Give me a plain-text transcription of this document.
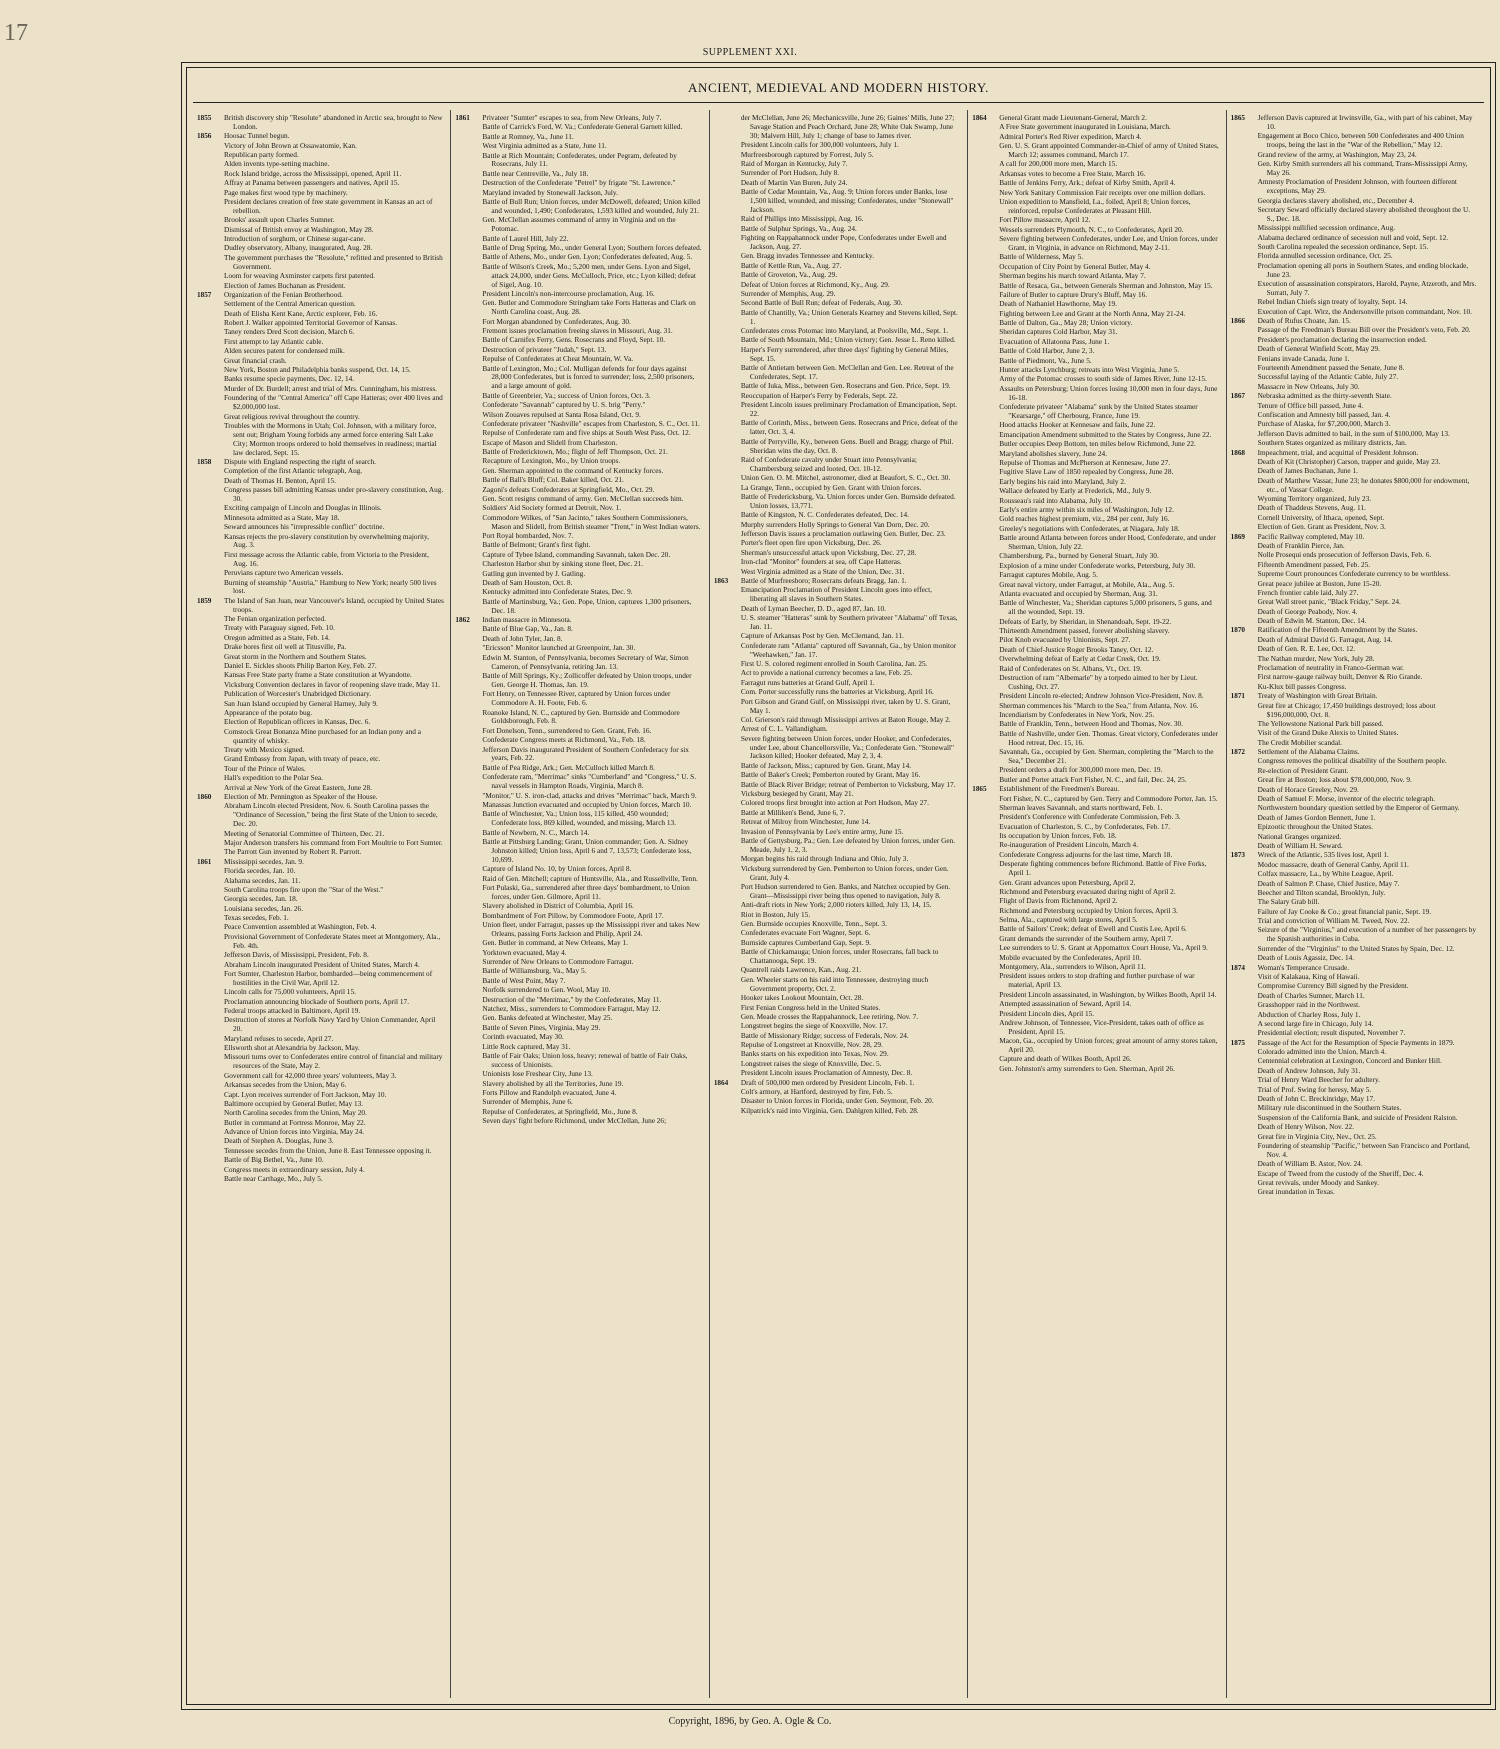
17
SUPPLEMENT XXI.
ANCIENT, MEDIEVAL AND MODERN HISTORY.
1855	British discovery ship "Resolute" abandoned in Arctic sea, brought to New London.
1856	Hoosac Tunnel begun.
Victory of John Brown at Ossawatomie, Kan.
Republican party formed.
Alden invents type-setting machine.
Rock Island bridge, across the Mississippi, opened, April 11.
Affray at Panama between passengers and natives, April 15.
Page makes first wood type by machinery.
President declares creation of free state government in Kansas an act of rebellion.
Brooks' assault upon Charles Sumner.
Dismissal of British envoy at Washington, May 28.
Introduction of sorghum, or Chinese sugar-cane.
Dudley observatory, Albany, inaugurated, Aug. 28.
The government purchases the "Resolute," refitted and presented to British Government.
Loom for weaving Axminster carpets first patented.
Election of James Buchanan as President.
1857	Organization of the Fenian Brotherhood.
Settlement of the Central American question.
Death of Elisha Kent Kane, Arctic explorer, Feb. 16.
Robert J. Walker appointed Territorial Governor of Kansas.
Taney renders Dred Scott decision, March 6.
First attempt to lay Atlantic cable.
Alden secures patent for condensed milk.
Great financial crash.
New York, Boston and Philadelphia banks suspend, Oct. 14, 15.
Banks resume specie payments, Dec. 12, 14.
Murder of Dr. Burdell; arrest and trial of Mrs. Cunningham, his mistress.
Foundering of the "Central America" off Cape Hatteras; over 400 lives and $2,000,000 lost.
Great religious revival throughout the country.
Troubles with the Mormons in Utah; Col. Johnson, with a military force, sent out; Brigham Young forbids any armed force entering Salt Lake City; Mormon troops ordered to hold themselves in readiness; martial law declared, Sept. 15.
1858	Dispute with England respecting the right of search.
Completion of the first Atlantic telegraph, Aug.
Death of Thomas H. Benton, April 15.
Congress passes bill admitting Kansas under pro-slavery constitution, Aug. 30.
Exciting campaign of Lincoln and Douglas in Illinois.
Minnesota admitted as a State, May 18.
Seward announces his "irrepressible conflict" doctrine.
Kansas rejects the pro-slavery constitution by overwhelming majority, Aug. 3.
First message across the Atlantic cable, from Victoria to the President, Aug. 16.
Peruvians capture two American vessels.
Burning of steamship "Austria," Hamburg to New York; nearly 500 lives lost.
1859	The Island of San Juan, near Vancouver's Island, occupied by United States troops.
The Fenian organization perfected.
Treaty with Paraguay signed, Feb. 10.
Oregon admitted as a State, Feb. 14.
Drake bores first oil well at Titusville, Pa.
Great storm in the Northern and Southern States.
Daniel E. Sickles shoots Philip Barton Key, Feb. 27.
Kansas Free State party frame a State constitution at Wyandotte.
Vicksburg Convention declares in favor of reopening slave trade, May 11.
Publication of Worcester's Unabridged Dictionary.
San Juan Island occupied by General Harney, July 9.
Appearance of the potato bug.
Election of Republican officers in Kansas, Dec. 6.
Comstock Great Bonanza Mine purchased for an Indian pony and a quantity of whisky.
Treaty with Mexico signed.
Grand Embassy from Japan, with treaty of peace, etc.
Tour of the Prince of Wales.
Hall's expedition to the Polar Sea.
Arrival at New York of the Great Eastern, June 28.
1860	Election of Mr. Pennington as Speaker of the House.
Abraham Lincoln elected President, Nov. 6. South Carolina passes the "Ordinance of Secession," being the first State of the Union to secede, Dec. 20.
Meeting of Senatorial Committee of Thirteen, Dec. 21.
Major Anderson transfers his command from Fort Moultrie to Fort Sumter.
The Parrott Gun invented by Robert R. Parrott.
1861	Mississippi secedes, Jan. 9.
Florida secedes, Jan. 10.
Alabama secedes, Jan. 11.
South Carolina troops fire upon the "Star of the West."
Georgia secedes, Jan. 18.
Louisiana secedes, Jan. 26.
Texas secedes, Feb. 1.
Peace Convention assembled at Washington, Feb. 4.
Provisional Government of Confederate States meet at Montgomery, Ala., Feb. 4th.
Jefferson Davis, of Mississippi, President, Feb. 8.
Abraham Lincoln inaugurated President of United States, March 4.
Fort Sumter, Charleston Harbor, bombarded—being commencement of hostilities in the Civil War, April 12.
Lincoln calls for 75,000 volunteers, April 15.
Proclamation announcing blockade of Southern ports, April 17.
Federal troops attacked in Baltimore, April 19.
Destruction of stores at Norfolk Navy Yard by Union Commander, April 20.
Maryland refuses to secede, April 27.
Ellsworth shot at Alexandria by Jackson, May.
Missouri turns over to Confederates entire control of financial and military resources of the State, May 2.
Government call for 42,000 three years' volunteers, May 3.
Arkansas secedes from the Union, May 6.
Capt. Lyon receives surrender of Fort Jackson, May 10.
Baltimore occupied by General Butler, May 13.
North Carolina secedes from the Union, May 20.
Butler in command at Fortress Monroe, May 22.
Advance of Union forces into Virginia, May 24.
Death of Stephen A. Douglas, June 3.
Tennessee secedes from the Union, June 8. East Tennessee opposing it.
Battle of Big Bethel, Va., June 10.
Congress meets in extraordinary session, July 4.
Battle near Carthage, Mo., July 5.
1861	Privateer "Sumter" escapes to sea, from New Orleans, July 7.
Battle of Carrick's Ford, W. Va.; Confederate General Garnett killed.
Battle at Romney, Va., June 11.
West Virginia admitted as a State, June 11.
Battle at Rich Mountain; Confederates, under Pegram, defeated by Rosecrans, July 11.
Battle near Centreville, Va., July 18.
Destruction of the Confederate "Petrel" by frigate "St. Lawrence."
Maryland invaded by Stonewall Jackson, July.
Battle of Bull Run; Union forces, under McDowell, defeated; Union killed and wounded, 1,490; Confederates, 1,593 killed and wounded, July 21.
Gen. McClellan assumes command of army in Virginia and on the Potomac.
Battle of Laurel Hill, July 22.
Battle of Drug Spring, Mo., under General Lyon; Southern forces defeated.
Battle of Athens, Mo., under Gen. Lyon; Confederates defeated, Aug. 5.
Battle of Wilson's Creek, Mo.; 5,200 men, under Gens. Lyon and Sigel, attack 24,000, under Gens. McCulloch, Price, etc.; Lyon killed; defeat of Sigel, Aug. 10.
President Lincoln's non-intercourse proclamation, Aug. 16.
Gen. Butler and Commodore Stringham take Forts Hatteras and Clark on North Carolina coast, Aug. 28.
Fort Morgan abandoned by Confederates, Aug. 30.
Fremont issues proclamation freeing slaves in Missouri, Aug. 31.
Battle of Carnifex Ferry, Gens. Rosecrans and Floyd, Sept. 10.
Destruction of privateer "Judah," Sept. 13.
Repulse of Confederates at Cheat Mountain, W. Va.
Battle of Lexington, Mo.; Col. Mulligan defends for four days against 28,000 Confederates, but is forced to surrender; loss, 2,500 prisoners, and a large amount of gold.
Battle of Greenbrier, Va.; success of Union forces, Oct. 3.
Confederate "Savannah" captured by U. S. brig "Perry."
Wilson Zouaves repulsed at Santa Rosa Island, Oct. 9.
Confederate privateer "Nashville" escapes from Charleston, S. C., Oct. 11.
Repulse of Confederate ram and five ships at South West Pass, Oct. 12.
Escape of Mason and Slidell from Charleston.
Battle of Fredericktown, Mo.; flight of Jeff Thompson, Oct. 21.
Recapture of Lexington, Mo., by Union troops.
Gen. Sherman appointed to the command of Kentucky forces.
Battle of Ball's Bluff; Col. Baker killed, Oct. 21.
Zagoni's defeats Confederates at Springfield, Mo., Oct. 29.
Gen. Scott resigns command of army. Gen. McClellan succeeds him.
Soldiers' Aid Society formed at Detroit, Nov. 1.
Commodore Wilkes, of "San Jacinto," takes Southern Commissioners, Mason and Slidell, from British steamer "Trent," in West Indian waters.
Port Royal bombarded, Nov. 7.
Battle of Belmont; Grant's first fight.
Capture of Tybee Island, commanding Savannah, taken Dec. 20.
Charleston Harbor shut by sinking stone fleet, Dec. 21.
Gatling gun invented by J. Gatling.
Death of Sam Houston, Oct. 8.
Kentucky admitted into Confederate States, Dec. 9.
Battle of Martinsburg, Va.; Gen. Pope, Union, captures 1,300 prisoners, Dec. 18.
1862	Indian massacre in Minnesota.
Battle of Blue Gap, Va., Jan. 8.
Death of John Tyler, Jan. 8.
"Ericsson" Monitor launched at Greenpoint, Jan. 30.
Edwin M. Stanton, of Pennsylvania, becomes Secretary of War, Simon Cameron, of Pennsylvania, retiring Jan. 13.
Battle of Mill Springs, Ky.; Zollicoffer defeated by Union troops, under Gen. George H. Thomas, Jan. 19.
Fort Henry, on Tennessee River, captured by Union forces under Commodore A. H. Foote, Feb. 6.
Roanoke Island, N. C., captured by Gen. Burnside and Commodore Goldsborough, Feb. 8.
Fort Donelson, Tenn., surrendered to Gen. Grant, Feb. 16.
Confederate Congress meets at Richmond, Va., Feb. 18.
Jefferson Davis inaugurated President of Southern Confederacy for six years, Feb. 22.
Battle of Pea Ridge, Ark.; Gen. McCulloch killed March 8.
Confederate ram, "Merrimac" sinks "Cumberland" and "Congress," U. S. naval vessels in Hampton Roads, Virginia, March 8.
"Monitor," U. S. iron-clad, attacks and drives "Merrimac" back, March 9.
Manassas Junction evacuated and occupied by Union forces, March 10.
Battle of Winchester, Va.; Union loss, 115 killed, 450 wounded; Confederate loss, 869 killed, wounded, and missing, March 13.
Battle of Newbern, N. C., March 14.
Battle at Pittsburg Landing; Grant, Union commander; Gen. A. Sidney Johnston killed; Union loss, April 6 and 7, 13,573; Confederate loss, 10,699.
Capture of Island No. 10, by Union forces, April 8.
Raid of Gen. Mitchell; capture of Huntsville, Ala., and Russellville, Tenn.
Fort Pulaski, Ga., surrendered after three days' bombardment, to Union forces, under Gen. Gilmore, April 11.
Slavery abolished in District of Columbia, April 16.
Bombardment of Fort Pillow, by Commodore Foote, April 17.
Union fleet, under Farragut, passes up the Mississippi river and takes New Orleans, passing Forts Jackson and Philip, April 24.
Gen. Butler in command, at New Orleans, May 1.
Yorktown evacuated, May 4.
Surrender of New Orleans to Commodore Farragut.
Battle of Williamsburg, Va., May 5.
Battle of West Point, May 7.
Norfolk surrendered to Gen. Wool, May 10.
Destruction of the "Merrimac," by the Confederates, May 11.
Natchez, Miss., surrenders to Commodore Farragut, May 12.
Gen. Banks defeated at Winchester, May 25.
Battle of Seven Pines, Virginia, May 29.
Corinth evacuated, May 30.
Little Rock captured, May 31.
Battle of Fair Oaks; Union loss, heavy; renewal of battle of Fair Oaks, success of Unionists.
Unionists lose Freshear City, June 13.
Slavery abolished by all the Territories, June 19.
Forts Pillow and Randolph evacuated, June 4.
Surrender of Memphis, June 6.
Repulse of Confederates, at Springfield, Mo., June 8.
Seven days' fight before Richmond, under McClellan, June 26;
der McClellan, June 26; Mechanicsville, June 26; Gaines' Mills, June 27; Savage Station and Peach Orchard, June 28; White Oak Swamp, June 30; Malvern Hill, July 1; change of base to James river.
President Lincoln calls for 300,000 volunteers, July 1.
Murfreesborough captured by Forrest, July 5.
Raid of Morgan in Kentucky, July 7.
Surrender of Port Hudson, July 8.
Death of Martin Van Buren, July 24.
Battle of Cedar Mountain, Va., Aug. 9; Union forces under Banks, lose 1,500 killed, wounded, and missing; Confederates, under "Stonewall" Jackson.
Raid of Phillips into Mississippi, Aug. 16.
Battle of Sulphur Springs, Va., Aug. 24.
Fighting on Rappahannock under Pope, Confederates under Ewell and Jackson, Aug. 27.
Gen. Bragg invades Tennessee and Kentucky.
Battle of Kettle Run, Va., Aug. 27.
Battle of Groveton, Va., Aug. 29.
Defeat of Union forces at Richmond, Ky., Aug. 29.
Surrender of Memphis, Aug. 29.
Second Battle of Bull Run; defeat of Federals, Aug. 30.
Battle of Chantilly, Va.; Union Generals Kearney and Stevens killed, Sept. 1.
Confederates cross Potomac into Maryland, at Poolsville, Md., Sept. 1.
Battle of South Mountain, Md.; Union victory; Gen. Jesse L. Reno killed.
Harper's Ferry surrendered, after three days' fighting by General Miles, Sept. 15.
Battle of Antietam between Gen. McClellan and Gen. Lee. Retreat of the Confederates, Sept. 17.
Battle of Iuka, Miss., between Gen. Rosecrans and Gen. Price, Sept. 19.
Reoccupation of Harper's Ferry by Federals, Sept. 22.
President Lincoln issues preliminary Proclamation of Emancipation, Sept. 22.
Battle of Corinth, Miss., between Gens. Rosecrans and Price, defeat of the latter, Oct. 3, 4.
Battle of Perryville, Ky., between Gens. Buell and Bragg; charge of Phil. Sheridan wins the day, Oct. 8.
Raid of Confederate cavalry under Stuart into Pennsylvania; Chambersburg seized and looted, Oct. 10-12.
Union Gen. O. M. Mitchel, astronomer, died at Beaufort, S. C., Oct. 30.
La Grange, Tenn., occupied by Gen. Grant with Union forces.
Battle of Fredericksburg, Va. Union forces under Gen. Burnside defeated. Union losses, 13,771.
Battle of Kingston, N. C. Confederates defeated, Dec. 14.
Murphy surrenders Holly Springs to General Van Dorn, Dec. 20.
Jefferson Davis issues a proclamation outlawing Gen. Butler, Dec. 23.
Porter's fleet open fire upon Vicksburg, Dec. 26.
Sherman's unsuccessful attack upon Vicksburg, Dec. 27, 28.
Iron-clad "Monitor" founders at sea, off Cape Hatteras.
West Virginia admitted as a State of the Union, Dec. 31.
1863	Battle of Murfreesboro; Rosecrans defeats Bragg, Jan. 1.
Emancipation Proclamation of President Lincoln goes into effect, liberating all slaves in Southern States.
Death of Lyman Beecher, D. D., aged 87, Jan. 10.
U. S. steamer "Hatteras" sunk by Southern privateer "Alabama" off Texas, Jan. 11.
Capture of Arkansas Post by Gen. McClernand, Jan. 11.
Confederate ram "Atlanta" captured off Savannah, Ga., by Union monitor "Weehawken," Jan. 17.
First U. S. colored regiment enrolled in South Carolina, Jan. 25.
Act to provide a national currency becomes a law, Feb. 25.
Farragut runs batteries at Grand Gulf, April 1.
Com. Porter successfully runs the batteries at Vicksburg, April 16.
Port Gibson and Grand Gulf, on Mississippi river, taken by U. S. Grant, May 1.
Col. Grierson's raid through Mississippi arrives at Baton Rouge, May 2.
Arrest of C. L. Vallandigham.
Severe fighting between Union forces, under Hooker, and Confederates, under Lee, about Chancellorsville, Va.; Confederate Gen. "Stonewall" Jackson killed; Hooker defeated, May 2, 3, 4.
Battle of Jackson, Miss.; captured by Gen. Grant, May 14.
Battle of Baker's Creek; Pemberton routed by Grant, May 16.
Battle of Black River Bridge; retreat of Pemberton to Vicksburg, May 17.
Vicksburg besieged by Grant, May 21.
Colored troops first brought into action at Port Hudson, May 27.
Battle at Milliken's Bend, June 6, 7.
Retreat of Milroy from Winchester, June 14.
Invasion of Pennsylvania by Lee's entire army, June 15.
Battle of Gettysburg, Pa.; Gen. Lee defeated by Union forces, under Gen. Meade, July 1, 2, 3.
Morgan begins his raid through Indiana and Ohio, July 3.
Vicksburg surrendered by Gen. Pemberton to Union forces, under Gen. Grant, July 4.
Port Hudson surrendered to Gen. Banks, and Natchez occupied by Gen. Grant—Mississippi river being thus opened to navigation, July 8.
Anti-draft riots in New York; 2,000 rioters killed, July 13, 14, 15.
Riot in Boston, July 15.
Gen. Burnside occupies Knoxville, Tenn., Sept. 3.
Confederates evacuate Fort Wagner, Sept. 6.
Burnside captures Cumberland Gap, Sept. 9.
Battle of Chickamauga; Union forces, under Rosecrans, fall back to Chattanooga, Sept. 19.
Quantrell raids Lawrence, Kan., Aug. 21.
Gen. Wheeler starts on his raid into Tennessee, destroying much Government property, Oct. 2.
Hooker takes Lookout Mountain, Oct. 28.
First Fenian Congress held in the United States.
Gen. Meade crosses the Rappahannock, Lee retiring, Nov. 7.
Longstreet begins the siege of Knoxville, Nov. 17.
Battle of Missionary Ridge; success of Federals, Nov. 24.
Repulse of Longstreet at Knoxville, Nov. 28, 29.
Banks starts on his expedition into Texas, Nov. 29.
Longstreet raises the siege of Knoxville, Dec. 5.
President Lincoln issues Proclamation of Amnesty, Dec. 8.
1864	Draft of 500,000 men ordered by President Lincoln, Feb. 1.
Colt's armory, at Hartford, destroyed by fire, Feb. 5.
Disaster to Union forces in Florida, under Gen. Seymour, Feb. 20.
Kilpatrick's raid into Virginia, Gen. Dahlgren killed, Feb. 28.
1864	General Grant made Lieutenant-General, March 2.
A Free State government inaugurated in Louisiana, March.
Admiral Porter's Red River expedition, March 4.
Gen. U. S. Grant appointed Commander-in-Chief of army of United States, March 12; assumes command, March 17.
A call for 200,000 more men, March 15.
Arkansas votes to become a Free State, March 16.
Battle of Jenkins Ferry, Ark.; defeat of Kirby Smith, April 4.
New York Sanitary Commission Fair receipts over one million dollars.
Union expedition to Mansfield, La., foiled, April 8; Union forces, reinforced, repulse Confederates at Pleasant Hill.
Fort Pillow massacre, April 12.
Wessels surrenders Plymouth, N. C., to Confederates, April 20.
Severe fighting between Confederates, under Lee, and Union forces, under Grant, in Virginia, in advance on Richmond, May 2-11.
Battle of Wilderness, May 5.
Occupation of City Point by General Butler, May 4.
Sherman begins his march toward Atlanta, May 7.
Battle of Resaca, Ga., between Generals Sherman and Johnston, May 15.
Failure of Butler to capture Drury's Bluff, May 16.
Death of Nathaniel Hawthorne, May 19.
Fighting between Lee and Grant at the North Anna, May 21-24.
Battle of Dalton, Ga., May 28; Union victory.
Sheridan captures Cold Harbor, May 31.
Evacuation of Allatoona Pass, June 1.
Battle of Cold Harbor, June 2, 3.
Battle of Piedmont, Va., June 5.
Hunter attacks Lynchburg; retreats into West Virginia, June 5.
Army of the Potomac crosses to south side of James River, June 12-15.
Assaults on Petersburg; Union forces losing 10,000 men in four days, June 16-18.
Confederate privateer "Alabama" sunk by the United States steamer "Kearsarge," off Cherbourg, France, June 19.
Hood attacks Hooker at Kennesaw and fails, June 22.
Emancipation Amendment submitted to the States by Congress, June 22.
Butler occupies Deep Bottom, ten miles below Richmond, June 22.
Maryland abolishes slavery, June 24.
Repulse of Thomas and McPherson at Kennesaw, June 27.
Fugitive Slave Law of 1850 repealed by Congress, June 28.
Early begins his raid into Maryland, July 2.
Wallace defeated by Early at Frederick, Md., July 9.
Rousseau's raid into Alabama, July 10.
Early's entire army within six miles of Washington, July 12.
Gold reaches highest premium, viz., 284 per cent, July 16.
Greeley's negotiations with Confederates, at Niagara, July 18.
Battle around Atlanta between forces under Hood, Confederate, and under Sherman, Union, July 22.
Chambersburg, Pa., burned by General Stuart, July 30.
Explosion of a mine under Confederate works, Petersburg, July 30.
Farragut captures Mobile, Aug. 5.
Great naval victory, under Farragut, at Mobile, Ala., Aug. 5.
Atlanta evacuated and occupied by Sherman, Aug. 31.
Battle of Winchester, Va.; Sheridan captures 5,000 prisoners, 5 guns, and all the wounded, Sept. 19.
Defeats of Early, by Sheridan, in Shenandoah, Sept. 19-22.
Thirteenth Amendment passed, forever abolishing slavery.
Pilot Knob evacuated by Unionists, Sept. 27.
Death of Chief-Justice Roger Brooks Taney, Oct. 12.
Overwhelming defeat of Early at Cedar Creek, Oct. 19.
Raid of Confederates on St. Albans, Vt., Oct. 19.
Destruction of ram "Albemarle" by a torpedo aimed to her by Lieut. Cushing, Oct. 27.
President Lincoln re-elected; Andrew Johnson Vice-President, Nov. 8.
Sherman commences his "March to the Sea," from Atlanta, Nov. 16.
Incendiarism by Confederates in New York, Nov. 25.
Battle of Franklin, Tenn., between Hood and Thomas, Nov. 30.
Battle of Nashville, under Gen. Thomas. Great victory, Confederates under Hood retreat, Dec. 15, 16.
Savannah, Ga., occupied by Gen. Sherman, completing the "March to the Sea," December 21.
President orders a draft for 300,000 more men, Dec. 19.
Butler and Porter attack Fort Fisher, N. C., and fail, Dec. 24, 25.
1865	Establishment of the Freedmen's Bureau.
Fort Fisher, N. C., captured by Gen. Terry and Commodore Porter, Jan. 15.
Sherman leaves Savannah, and starts northward, Feb. 1.
President's Conference with Confederate Commission, Feb. 3.
Evacuation of Charleston, S. C., by Confederates, Feb. 17.
Its occupation by Union forces, Feb. 18.
Re-inauguration of President Lincoln, March 4.
Confederate Congress adjourns for the last time, March 18.
Desperate fighting commences before Richmond. Battle of Five Forks, April 1.
Gen. Grant advances upon Petersburg, April 2.
Richmond and Petersburg evacuated during night of April 2.
Flight of Davis from Richmond, April 2.
Richmond and Petersburg occupied by Union forces, April 3.
Selma, Ala., captured with large stores, April 5.
Battle of Sailors' Creek; defeat of Ewell and Custis Lee, April 6.
Grant demands the surrender of the Southern army, April 7.
Lee surrenders to U. S. Grant at Appomattox Court House, Va., April 9.
Mobile evacuated by the Confederates, April 10.
Montgomery, Ala., surrenders to Wilson, April 11.
President issues orders to stop drafting and further purchase of war material, April 13.
President Lincoln assassinated, in Washington, by Wilkes Booth, April 14.
Attempted assassination of Seward, April 14.
President Lincoln dies, April 15.
Andrew Johnson, of Tennessee, Vice-President, takes oath of office as President, April 15.
Macon, Ga., occupied by Union forces; great amount of army stores taken, April 20.
Capture and death of Wilkes Booth, April 26.
Gen. Johnston's army surrenders to Gen. Sherman, April 26.
1865	Jefferson Davis captured at Irwinsville, Ga., with part of his cabinet, May 10.
Engagement at Boco Chico, between 500 Confederates and 400 Union troops, being the last in the "War of the Rebellion," May 12.
Grand review of the army, at Washington, May 23, 24.
Gen. Kirby Smith surrenders all his command, Trans-Mississippi Army, May 26.
Amnesty Proclamation of President Johnson, with fourteen different exceptions, May 29.
Georgia declares slavery abolished, etc., December 4.
Secretary Seward officially declared slavery abolished throughout the U. S., Dec. 18.
Mississippi nullified secession ordinance, Aug.
Alabama declared ordinance of secession null and void, Sept. 12.
South Carolina repealed the secession ordinance, Sept. 15.
Florida annulled secession ordinance, Oct. 25.
Proclamation opening all ports in Southern States, and ending blockade, June 23.
Execution of assassination conspirators, Harold, Payne, Atzeroth, and Mrs. Surratt, July 7.
Rebel Indian Chiefs sign treaty of loyalty, Sept. 14.
Execution of Capt. Wirz, the Andersonville prison commandant, Nov. 10.
1866	Death of Rufus Choate, Jan. 15.
Passage of the Freedman's Bureau Bill over the President's veto, Feb. 20.
President's proclamation declaring the insurrection ended.
Death of General Winfield Scott, May 29.
Fenians invade Canada, June 1.
Fourteenth Amendment passed the Senate, June 8.
Successful laying of the Atlantic Cable, July 27.
Massacre in New Orleans, July 30.
1867	Nebraska admitted as the thirty-seventh State.
Tenure of Office bill passed, June 4.
Confiscation and Amnesty bill passed, Jan. 4.
Purchase of Alaska, for $7,200,000, March 3.
Jefferson Davis admitted to bail, in the sum of $100,000, May 13.
Southern States organized as military districts, Jan.
1868	Impeachment, trial, and acquittal of President Johnson.
Death of Kit (Christopher) Carson, trapper and guide, May 23.
Death of James Buchanan, June 1.
Death of Matthew Vassar, June 23; he donates $800,000 for endowment, etc., of Vassar College.
Wyoming Territory organized, July 23.
Death of Thaddeus Stevens, Aug. 11.
Cornell University, of Ithaca, opened, Sept.
Election of Gen. Grant as President, Nov. 3.
1869	Pacific Railway completed, May 10.
Death of Franklin Pierce, Jan.
Nolle Prosequi ends prosecution of Jefferson Davis, Feb. 6.
Fifteenth Amendment passed, Feb. 25.
Supreme Court pronounces Confederate currency to be worthless.
Great peace jubilee at Boston, June 15-20.
French frontier cable laid, July 27.
Great Wall street panic, "Black Friday," Sept. 24.
Death of George Peabody, Nov. 4.
Death of Edwin M. Stanton, Dec. 14.
1870	Ratification of the Fifteenth Amendment by the States.
Death of Admiral David G. Farragut, Aug. 14.
Death of Gen. R. E. Lee, Oct. 12.
The Nathan murder, New York, July 28.
Proclamation of neutrality in Franco-German war.
First narrow-gauge railway built, Denver & Rio Grande.
Ku-Klux bill passes Congress.
1871	Treaty of Washington with Great Britain.
Great fire at Chicago; 17,450 buildings destroyed; loss about $196,000,000, Oct. 8.
The Yellowstone National Park bill passed.
Visit of the Grand Duke Alexis to United States.
The Credit Mobilier scandal.
1872	Settlement of the Alabama Claims.
Congress removes the political disability of the Southern people.
Re-election of President Grant.
Great fire at Boston; loss about $78,000,000, Nov. 9.
Death of Horace Greeley, Nov. 29.
Death of Samuel F. Morse, inventor of the electric telegraph.
Northwestern boundary question settled by the Emperor of Germany.
Death of James Gordon Bennett, June 1.
Epizootic throughout the United States.
National Granges organized.
Death of William H. Seward.
1873	Wreck of the Atlantic, 535 lives lost, April 1.
Modoc massacre, death of General Canby, April 11.
Colfax massacre, La., by White League, April.
Death of Salmon P. Chase, Chief Justice, May 7.
Beecher and Tilton scandal, Brooklyn, July.
The Salary Grab bill.
Failure of Jay Cooke & Co.; great financial panic, Sept. 19.
Trial and conviction of William M. Tweed, Nov. 22.
Seizure of the "Virginius," and execution of a number of her passengers by the Spanish authorities in Cuba.
Surrender of the "Virginius" to the United States by Spain, Dec. 12.
Death of Louis Agassiz, Dec. 14.
1874	Woman's Temperance Crusade.
Visit of Kalakaua, King of Hawaii.
Compromise Currency Bill signed by the President.
Death of Charles Sumner, March 11.
Grasshopper raid in the Northwest.
Abduction of Charley Ross, July 1.
A second large fire in Chicago, July 14.
Presidential election; result disputed, November 7.
1875	Passage of the Act for the Resumption of Specie Payments in 1879.
Colorado admitted into the Union, March 4.
Centennial celebration at Lexington, Concord and Bunker Hill.
Death of Andrew Johnson, July 31.
Trial of Henry Ward Beecher for adultery.
Trial of Prof. Swing for heresy, May 5.
Death of John C. Breckinridge, May 17.
Military rule discontinued in the Southern States.
Suspension of the California Bank, and suicide of President Ralston.
Death of Henry Wilson, Nov. 22.
Great fire in Virginia City, Nev., Oct. 25.
Foundering of steamship "Pacific," between San Francisco and Portland, Nov. 4.
Death of William B. Astor, Nov. 24.
Escape of Tweed from the custody of the Sheriff, Dec. 4.
Great revivals, under Moody and Sankey.
Great inundation in Texas.
Copyright, 1896, by Geo. A. Ogle & Co.
